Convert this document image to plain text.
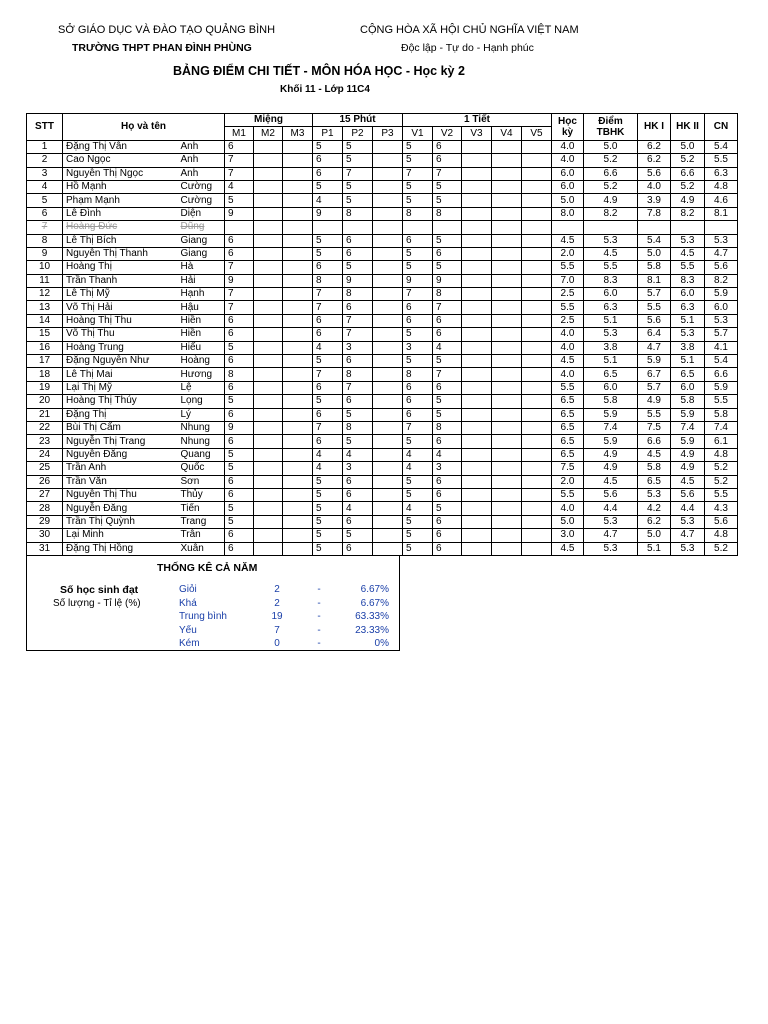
SỞ GIÁO DỤC VÀ ĐÀO TẠO QUẢNG BÌNH
TRƯỜNG THPT PHAN ĐÌNH PHÙNG
CỘNG HÒA XÃ HỘI CHỦ NGHĨA VIỆT NAM
Độc lập - Tự do - Hạnh phúc
BẢNG ĐIỂM CHI TIẾT - MÔN HÓA HỌC - Học kỳ 2
Khối 11 - Lớp 11C4
STT	Họ và tên		Miệng			15 Phút			1 Tiết					Học
kỳ	Điểm
TBHK	HK I	HK II	CN
			M1	M2	M3	P1	P2	P3	V1	V2	V3	V4	V5					
1	Đặng Thị Vân	Anh	6			5	5		5	6				4.0	5.0	6.2	5.0	5.4
2	Cao Ngọc	Anh	7			6	5		5	6				4.0	5.2	6.2	5.2	5.5
3	Nguyễn Thị Ngọc	Anh	7			6	7		7	7				6.0	6.6	5.6	6.6	6.3
4	Hồ Mạnh	Cường	4			5	5		5	5				6.0	5.2	4.0	5.2	4.8
5	Phạm Mạnh	Cường	5			4	5		5	5				5.0	4.9	3.9	4.9	4.6
6	Lê Đình	Diện	9			9	8		8	8				8.0	8.2	7.8	8.2	8.1
7	Hoàng Đức	Dũng																
8	Lê Thị Bích	Giang	6			5	6		6	5				4.5	5.3	5.4	5.3	5.3
9	Nguyễn Thị Thanh	Giang	6			5	6		5	6				2.0	4.5	5.0	4.5	4.7
10	Hoàng Thị	Hà	7			6	5		5	5				5.5	5.5	5.8	5.5	5.6
11	Trần Thanh	Hải	9			8	9		9	9				7.0	8.3	8.1	8.3	8.2
12	Lê Thị Mỹ	Hạnh	7			7	8		7	8				2.5	6.0	5.7	6.0	5.9
13	Võ Thị Hải	Hậu	7			7	6		6	7				5.5	6.3	5.5	6.3	6.0
14	Hoàng Thị Thu	Hiền	6			6	7		6	6				2.5	5.1	5.6	5.1	5.3
15	Võ Thị Thu	Hiền	6			6	7		5	6				4.0	5.3	6.4	5.3	5.7
16	Hoàng Trung	Hiếu	5			4	3		3	4				4.0	3.8	4.7	3.8	4.1
17	Đặng Nguyễn Như	Hoàng	6			5	6		5	5				4.5	5.1	5.9	5.1	5.4
18	Lê Thị Mai	Hương	8			7	8		8	7				4.0	6.5	6.7	6.5	6.6
19	Lại Thị Mỹ	Lệ	6			6	7		6	6				5.5	6.0	5.7	6.0	5.9
20	Hoàng Thị Thúy	Lọng	5			5	6		6	5				6.5	5.8	4.9	5.8	5.5
21	Đặng Thị	Lý	6			6	5		6	5				6.5	5.9	5.5	5.9	5.8
22	Bùi Thị Cẩm	Nhung	9			7	8		7	8				6.5	7.4	7.5	7.4	7.4
23	Nguyễn Thị Trang	Nhung	6			6	5		5	6				6.5	5.9	6.6	5.9	6.1
24	Nguyễn Đăng	Quang	5			4	4		4	4				6.5	4.9	4.5	4.9	4.8
25	Trần Anh	Quốc	5			4	3		4	3				7.5	4.9	5.8	4.9	5.2
26	Trần Văn	Sơn	6			5	6		5	6				2.0	4.5	6.5	4.5	5.2
27	Nguyễn Thị Thu	Thủy	6			5	6		5	6				5.5	5.6	5.3	5.6	5.5
28	Nguyễn Đăng	Tiến	5			5	4		4	5				4.0	4.4	4.2	4.4	4.3
29	Trần Thị Quỳnh	Trang	5			5	6		5	6				5.0	5.3	6.2	5.3	5.6
30	Lại Minh	Trân	6			5	5		5	6				3.0	4.7	5.0	4.7	4.8
31	Đặng Thị Hồng	Xuân	6			5	6		5	6				4.5	5.3	5.1	5.3	5.2
THỐNG KÊ CẢ NĂM
Số học sinh đạt
Số lượng - Tỉ lệ (%)
Giỏi	2	-	6.67%
Khá	2	-	6.67%
Trung bình	19	-	63.33%
Yếu	7	-	23.33%
Kém	0	-	0%
